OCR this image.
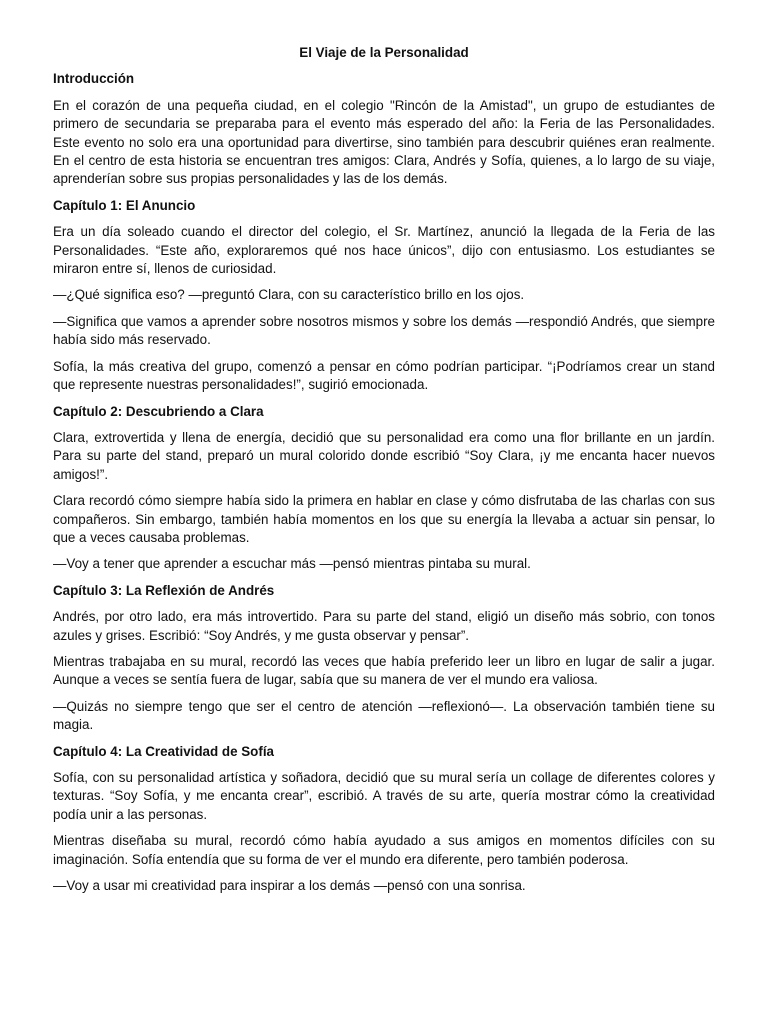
El Viaje de la Personalidad
Introducción
En el corazón de una pequeña ciudad, en el colegio "Rincón de la Amistad", un grupo de estudiantes de primero de secundaria se preparaba para el evento más esperado del año: la Feria de las Personalidades. Este evento no solo era una oportunidad para divertirse, sino también para descubrir quiénes eran realmente. En el centro de esta historia se encuentran tres amigos: Clara, Andrés y Sofía, quienes, a lo largo de su viaje, aprenderían sobre sus propias personalidades y las de los demás.
Capítulo 1: El Anuncio
Era un día soleado cuando el director del colegio, el Sr. Martínez, anunció la llegada de la Feria de las Personalidades. “Este año, exploraremos qué nos hace únicos”, dijo con entusiasmo. Los estudiantes se miraron entre sí, llenos de curiosidad.
—¿Qué significa eso? —preguntó Clara, con su característico brillo en los ojos.
—Significa que vamos a aprender sobre nosotros mismos y sobre los demás —respondió Andrés, que siempre había sido más reservado.
Sofía, la más creativa del grupo, comenzó a pensar en cómo podrían participar. “¡Podríamos crear un stand que represente nuestras personalidades!”, sugirió emocionada.
Capítulo 2: Descubriendo a Clara
Clara, extrovertida y llena de energía, decidió que su personalidad era como una flor brillante en un jardín. Para su parte del stand, preparó un mural colorido donde escribió “Soy Clara, ¡y me encanta hacer nuevos amigos!”.
Clara recordó cómo siempre había sido la primera en hablar en clase y cómo disfrutaba de las charlas con sus compañeros. Sin embargo, también había momentos en los que su energía la llevaba a actuar sin pensar, lo que a veces causaba problemas.
—Voy a tener que aprender a escuchar más —pensó mientras pintaba su mural.
Capítulo 3: La Reflexión de Andrés
Andrés, por otro lado, era más introvertido. Para su parte del stand, eligió un diseño más sobrio, con tonos azules y grises. Escribió: “Soy Andrés, y me gusta observar y pensar”.
Mientras trabajaba en su mural, recordó las veces que había preferido leer un libro en lugar de salir a jugar. Aunque a veces se sentía fuera de lugar, sabía que su manera de ver el mundo era valiosa.
—Quizás no siempre tengo que ser el centro de atención —reflexionó—. La observación también tiene su magia.
Capítulo 4: La Creatividad de Sofía
Sofía, con su personalidad artística y soñadora, decidió que su mural sería un collage de diferentes colores y texturas. “Soy Sofía, y me encanta crear”, escribió. A través de su arte, quería mostrar cómo la creatividad podía unir a las personas.
Mientras diseñaba su mural, recordó cómo había ayudado a sus amigos en momentos difíciles con su imaginación. Sofía entendía que su forma de ver el mundo era diferente, pero también poderosa.
—Voy a usar mi creatividad para inspirar a los demás —pensó con una sonrisa.
